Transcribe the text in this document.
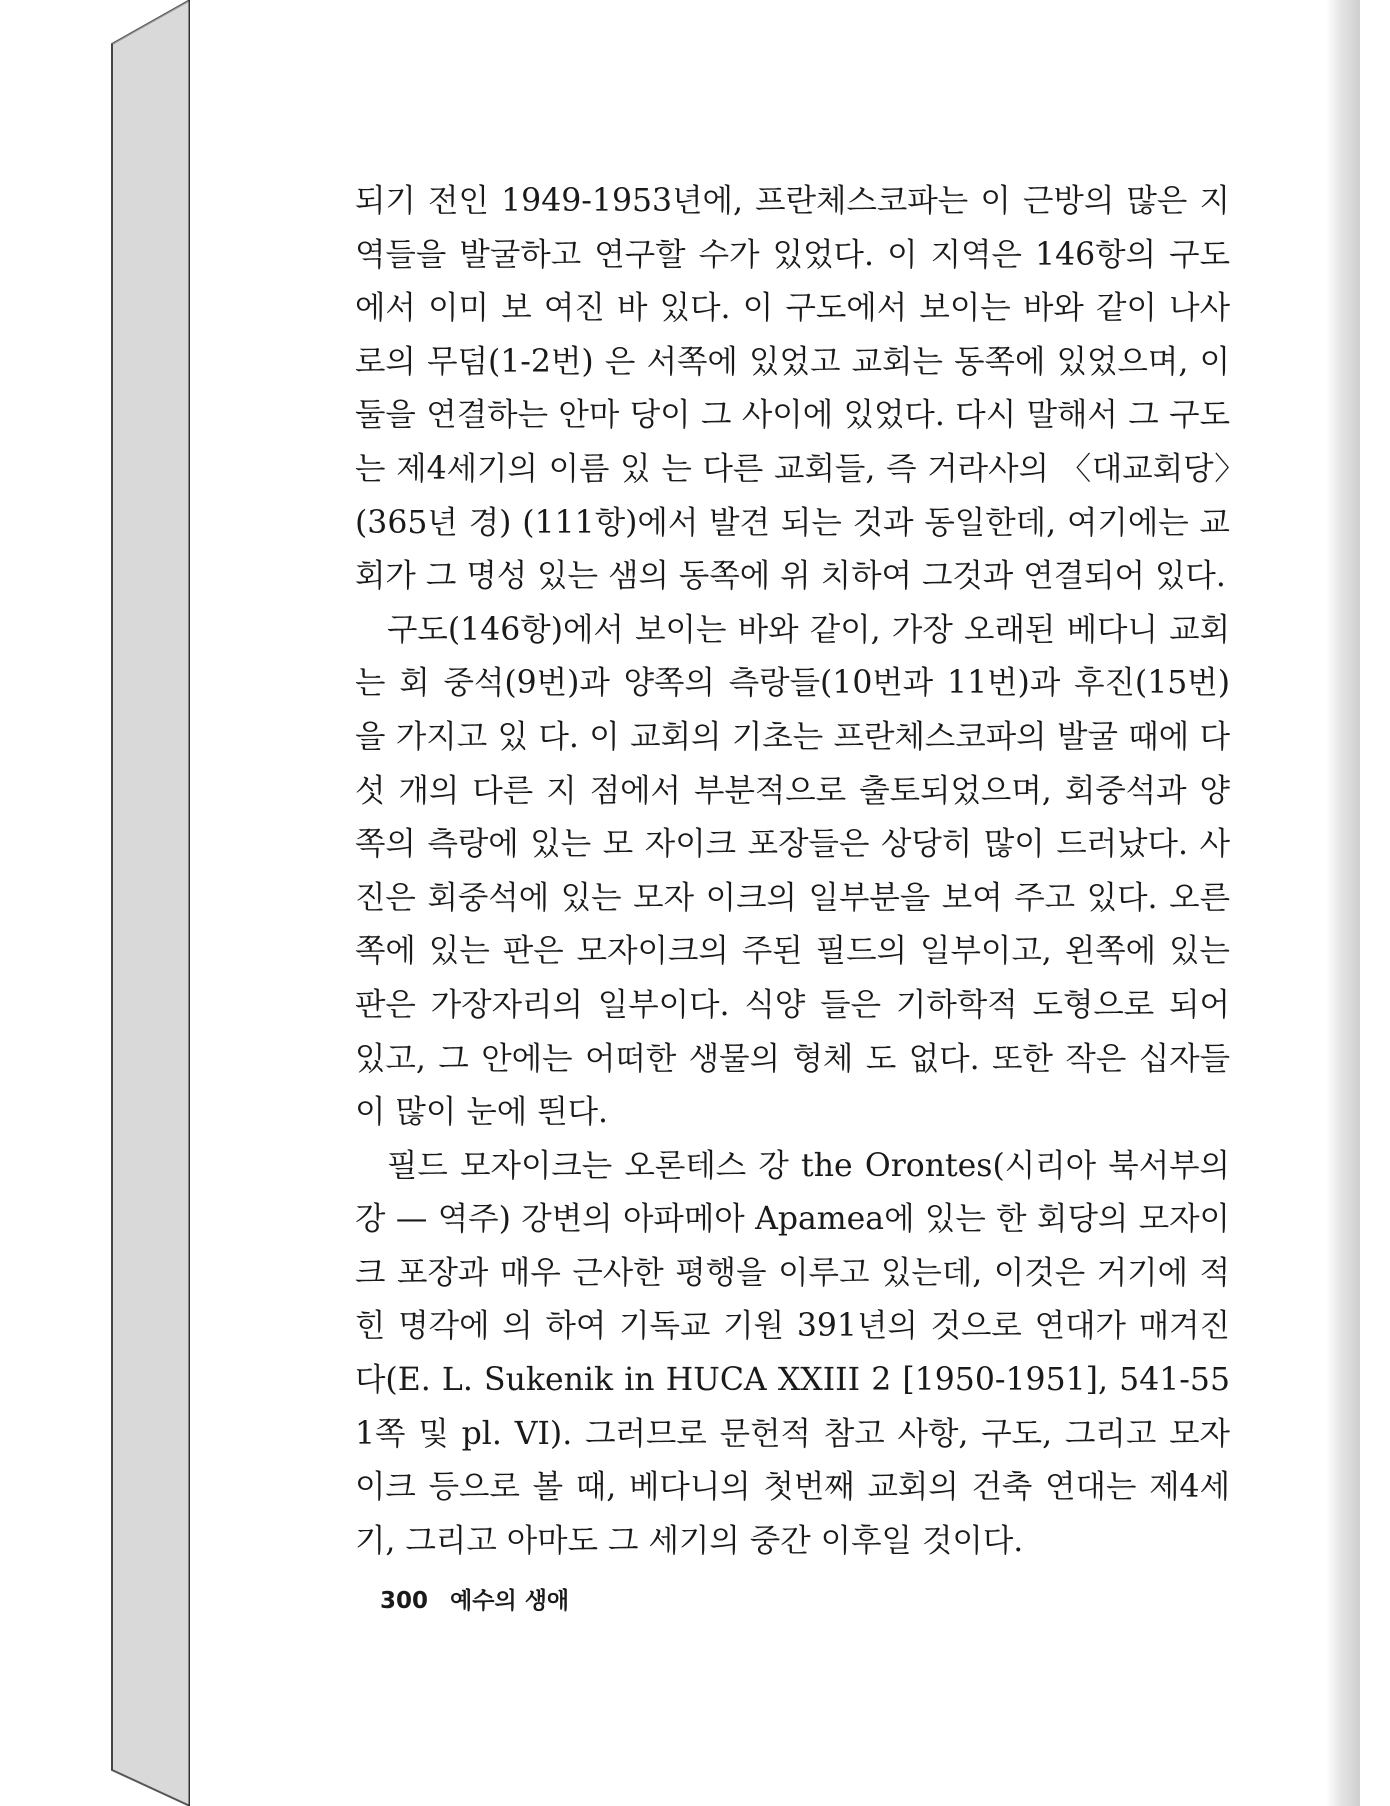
되기 전인 1949-1953년에, 프란체스코파는 이 근방의 많은 지역들을 발굴하고 연구할 수가 있었다. 이 지역은 146항의 구도에서 이미 보 여진 바 있다. 이 구도에서 보이는 바와 같이 나사로의 무덤(1-2번) 은 서쪽에 있었고 교회는 동쪽에 있었으며, 이 둘을 연결하는 안마 당이 그 사이에 있었다. 다시 말해서 그 구도는 제4세기의 이름 있 는 다른 교회들, 즉 거라사의 〈대교회당〉(365년 경) (111항)에서 발견 되는 것과 동일한데, 여기에는 교회가 그 명성 있는 샘의 동쪽에 위 치하여 그것과 연결되어 있다.

구도(146항)에서 보이는 바와 같이, 가장 오래된 베다니 교회는 회 중석(9번)과 양쪽의 측랑들(10번과 11번)과 후진(15번)을 가지고 있 다. 이 교회의 기초는 프란체스코파의 발굴 때에 다섯 개의 다른 지 점에서 부분적으로 출토되었으며, 회중석과 양쪽의 측랑에 있는 모 자이크 포장들은 상당히 많이 드러났다. 사진은 회중석에 있는 모자 이크의 일부분을 보여 주고 있다. 오른쪽에 있는 판은 모자이크의 주된 필드의 일부이고, 왼쪽에 있는 판은 가장자리의 일부이다. 식양 들은 기하학적 도형으로 되어 있고, 그 안에는 어떠한 생물의 형체 도 없다. 또한 작은 십자들이 많이 눈에 띈다.

필드 모자이크는 오론테스 강 the Orontes(시리아 북서부의 강 — 역주) 강변의 아파메아 Apamea에 있는 한 회당의 모자이크 포장과 매우 근사한 평행을 이루고 있는데, 이것은 거기에 적힌 명각에 의 하여 기독교 기원 391년의 것으로 연대가 매겨진다(E. L. Sukenik in HUCA XXIII 2 [1950-1951], 541-551쪽 및 pl. VI). 그러므로 문헌적 참고 사항, 구도, 그리고 모자이크 등으로 볼 때, 베다니의 첫번째 교회의 건축 연대는 제4세기, 그리고 아마도 그 세기의 중간 이후일 것이다.

300 예수의 생애
